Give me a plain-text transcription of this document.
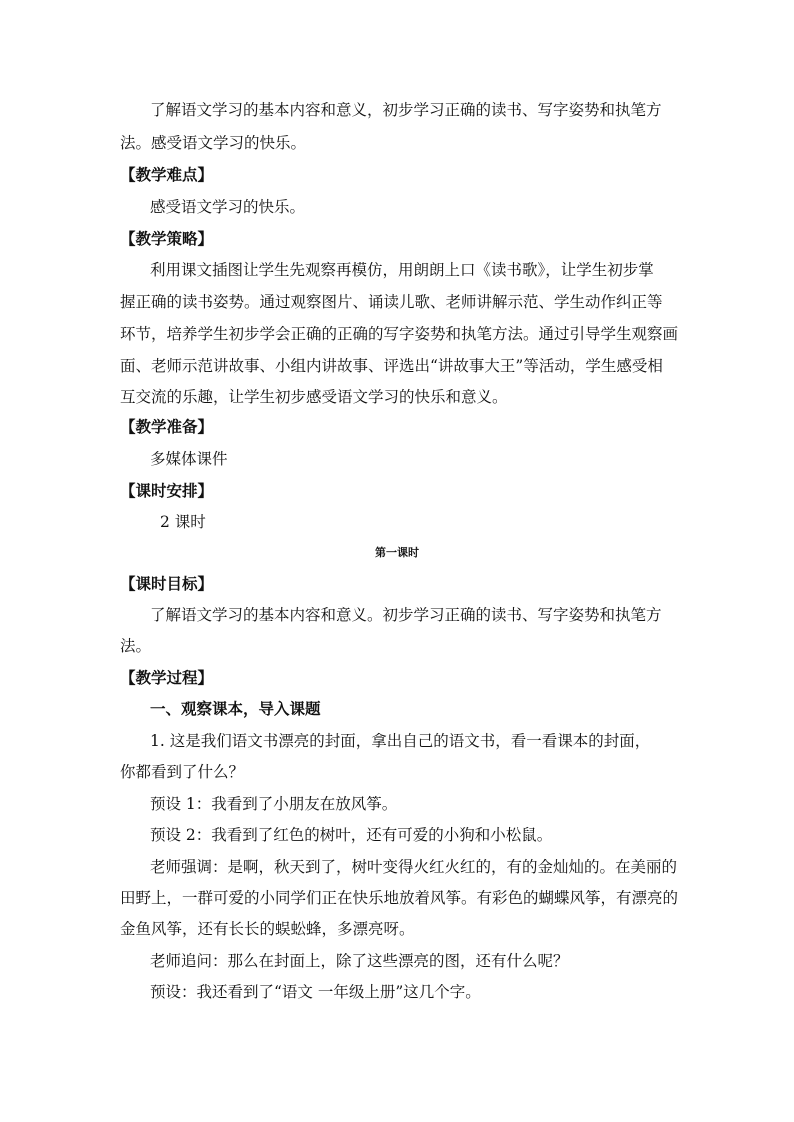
了解语文学习的基本内容和意义，初步学习正确的读书、写字姿势和执笔方
法。感受语文学习的快乐。
【教学难点】
感受语文学习的快乐。
【教学策略】
利用课文插图让学生先观察再模仿，用朗朗上口《读书歌》，让学生初步掌
握正确的读书姿势。通过观察图片、诵读儿歌、老师讲解示范、学生动作纠正等
环节，培养学生初步学会正确的正确的写字姿势和执笔方法。通过引导学生观察画
面、老师示范讲故事、小组内讲故事、评选出“讲故事大王”等活动，学生感受相
互交流的乐趣，让学生初步感受语文学习的快乐和意义。
【教学准备】
多媒体课件
【课时安排】
2 课时
第一课时
【课时目标】
了解语文学习的基本内容和意义。初步学习正确的读书、写字姿势和执笔方
法。
【教学过程】
一、观察课本，导入课题
1. 这是我们语文书漂亮的封面，拿出自己的语文书，看一看课本的封面，
你都看到了什么？
预设 1：我看到了小朋友在放风筝。
预设 2：我看到了红色的树叶，还有可爱的小狗和小松鼠。
老师强调：是啊，秋天到了，树叶变得火红火红的，有的金灿灿的。在美丽的
田野上，一群可爱的小同学们正在快乐地放着风筝。有彩色的蝴蝶风筝，有漂亮的
金鱼风筝，还有长长的蜈蚣蜂，多漂亮呀。
老师追问：那么在封面上，除了这些漂亮的图，还有什么呢？
预设：我还看到了“语文 一年级上册”这几个字。
